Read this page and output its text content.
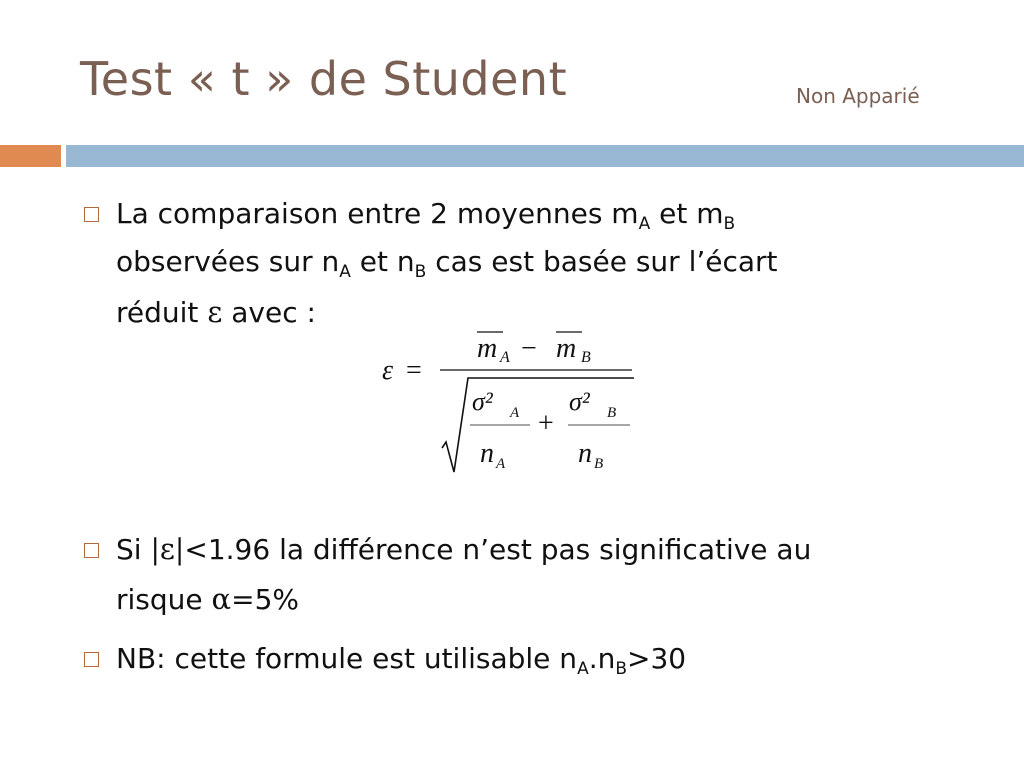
Test « t » de Student	Non Apparié
La comparaison entre 2 moyennes $m_A$ et $m_B$
observées sur $n_A$ et $n_B$ cas est basée sur l’écart
réduit ε avec :
ε =
m A − m B
σ² A
n A
+
σ² B
n B
Si |ε|<1.96 la différence n’est pas significative au
risque α=5%
NB: cette formule est utilisable $n_A.n_B>30$
